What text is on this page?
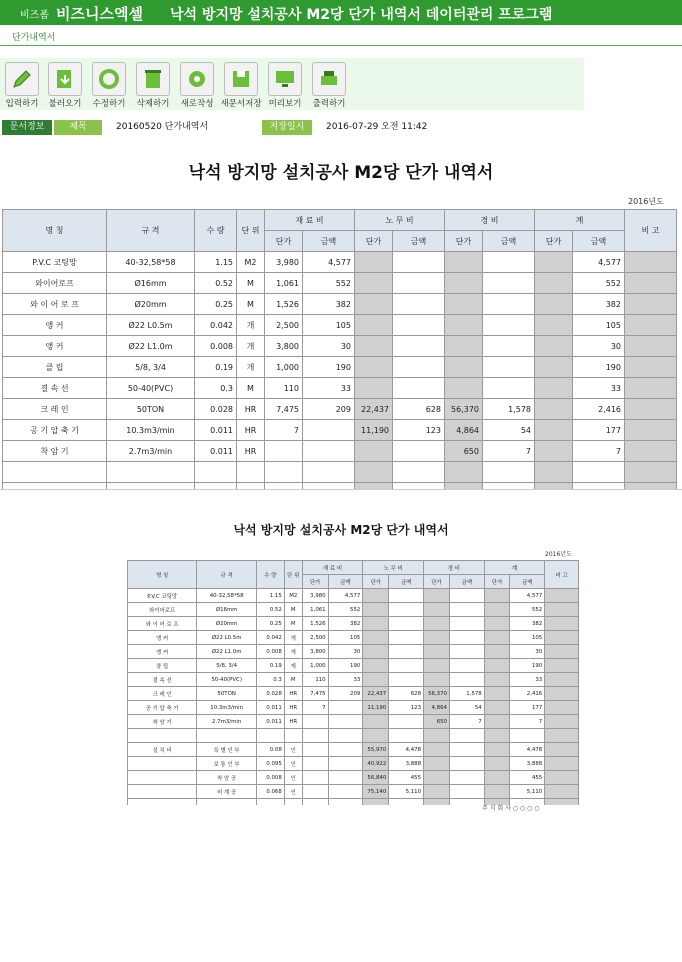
비즈폼 비즈니스엑셀 낙석 방지망 설치공사 M2당 단가 내역서 데이터관리 프로그램
단가내역서
입력하기	불러오기	수정하기	삭제하기	새로작성 새문서저장 미리보기	출력하기
문서정보	제목	20160520 단가내역서	저장일시	2016-07-29 오전 11:42
낙석 방지망 설치공사 M2당 단가 내역서
2016년도
명 칭	규 격	수 량	단 위	재 료 비		노 무 비		경 비		계		비 고
				단가	금액	단가	금액	단가	금액	단가	금액	
P.V.C 코팅망	40-32,58*58	1.15	M2	3,980	4,577						4,577	
와이어로프	Ø16mm	0.52	M	1,061	552						552	
와 이 어 로 프	Ø20mm	0.25	M	1,526	382						382	
앵 커	Ø22 L0.5m	0.042	개	2,500	105						105	
앵 커	Ø22 L1.0m	0.008	개	3,800	30						30	
클 립	5/8, 3/4	0.19	개	1,000	190						190	
결 속 선	50-40(PVC)	0.3	M	110	33						33	
크 레 인	50TON	0.028	HR	7,475	209	22,437	628	56,370	1,578		2,416	
공 기 압 축 기	10.3m3/min	0.011	HR	7		11,190	123	4,864	54		177	
착 암 기	2.7m3/min	0.011	HR					650	7		7	

낙석 방지망 설치공사 M2당 단가 내역서
2016년도
명 칭	규 격	수 량	단 위	재 료 비		노 무 비		경 비		계		비 고
				단가	금액	단가	금액	단가	금액	단가	금액	
P.V.C 코팅망	40-32,58*58	1.15	M2	3,980	4,577						4,577	
와이어로프	Ø16mm	0.52	M	1,061	552						552	
와 이 어 로 프	Ø20mm	0.25	M	1,526	382						382	
앵 커	Ø22 L0.5m	0.042	개	2,500	105						105	
앵 커	Ø22 L1.0m	0.008	개	3,800	30						30	
클 립	5/8, 3/4	0.19	개	1,000	190						190	
결 속 선	50-40(PVC)	0.3	M	110	33						33	
크 레 인	50TON	0.028	HR	7,475	209	22,437	628	56,370	1,578		2,416	
공 기 압 축 기	10.3m3/min	0.011	HR	7		11,190	123	4,864	54		177	
착 암 기	2.7m3/min	0.011	HR					650	7		7	

설 치 비	특 별 인 부	0.08	인			55,970	4,478				4,478	
	보 통 인 부	0.095	인			40,922	3,888				3,888	
	착 암 공	0.008	인			56,840	455				455	
	비 계 공	0.068	인			75,140	5,110				5,110	

주 식 회 사 ○ ○ ○ ○
